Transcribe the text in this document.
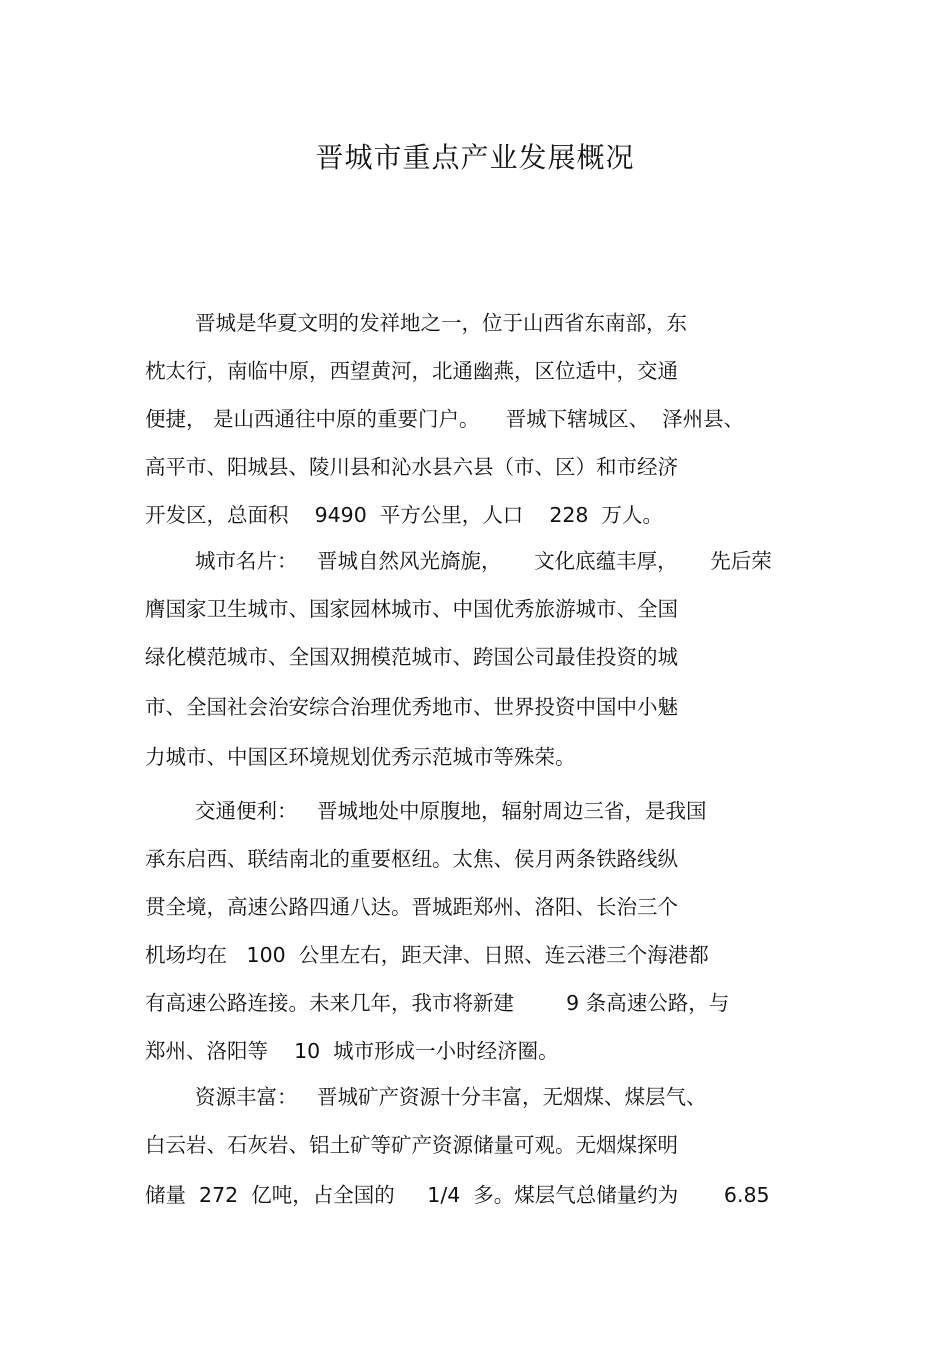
晋城市重点产业发展概况
晋城是华夏文明的发祥地之一，位于山西省东南部，东
枕太行，南临中原，西望黄河，北通幽燕，区位适中，交通
便捷， 是山西通往中原的重要门户。    晋城下辖城区、  泽州县、
高平市、阳城县、陵川县和沁水县六县（市、区）和市经济
开发区，总面积    9490  平方公里，人口    228  万人。
城市名片：   晋城自然风光旖旎，     文化底蕴丰厚，     先后荣
膺国家卫生城市、国家园林城市、中国优秀旅游城市、全国
绿化模范城市、全国双拥模范城市、跨国公司最佳投资的城
市、全国社会治安综合治理优秀地市、世界投资中国中小魅
力城市、中国区环境规划优秀示范城市等殊荣。
交通便利：   晋城地处中原腹地，辐射周边三省，是我国
承东启西、联结南北的重要枢纽。太焦、侯月两条铁路线纵
贯全境，高速公路四通八达。晋城距郑州、洛阳、长治三个
机场均在   100  公里左右，距天津、日照、连云港三个海港都
有高速公路连接。未来几年，我市将新建        9 条高速公路，与
郑州、洛阳等    10  城市形成一小时经济圈。
资源丰富：   晋城矿产资源十分丰富，无烟煤、煤层气、
白云岩、石灰岩、铝土矿等矿产资源储量可观。无烟煤探明
储量  272  亿吨，占全国的     1/4  多。煤层气总储量约为       6.85
